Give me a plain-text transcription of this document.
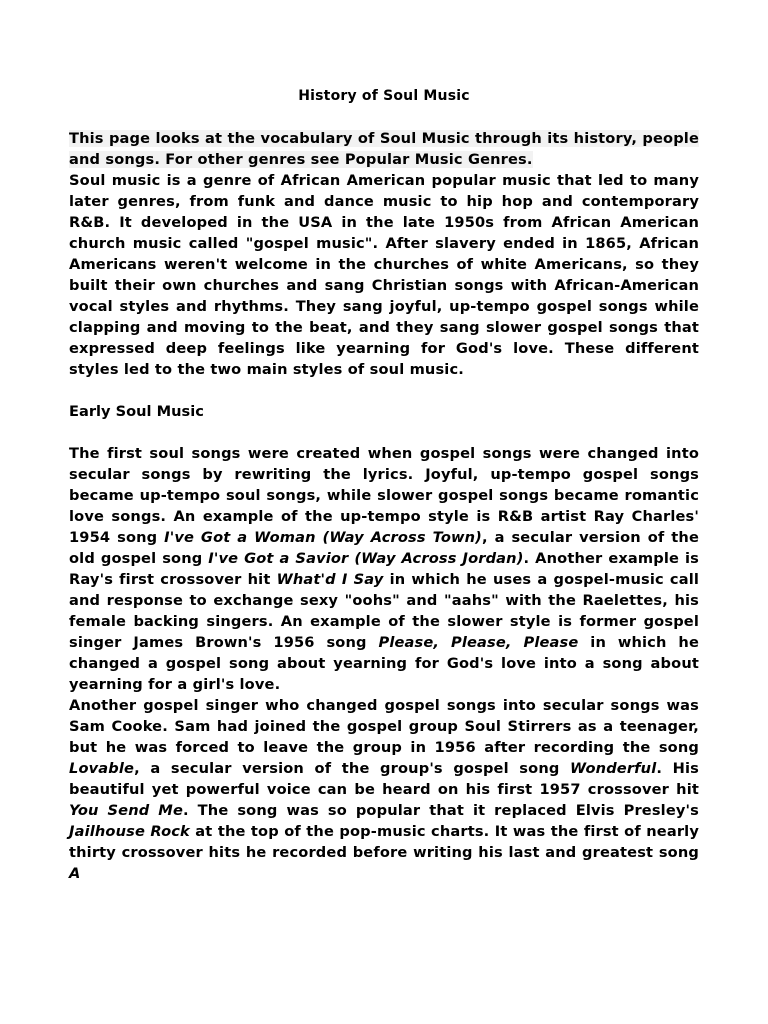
History of Soul Music

This page looks at the vocabulary of Soul Music through its history, people and songs. For other genres see Popular Music Genres.

Soul music is a genre of African American popular music that led to many later genres, from funk and dance music to hip hop and contemporary R&B. It developed in the USA in the late 1950s from African American church music called "gospel music". After slavery ended in 1865, African Americans weren't welcome in the churches of white Americans, so they built their own churches and sang Christian songs with African-American vocal styles and rhythms. They sang joyful, up-tempo gospel songs while clapping and moving to the beat, and they sang slower gospel songs that expressed deep feelings like yearning for God's love. These different styles led to the two main styles of soul music.

Early Soul Music

The first soul songs were created when gospel songs were changed into secular songs by rewriting the lyrics. Joyful, up-tempo gospel songs became up-tempo soul songs, while slower gospel songs became romantic love songs. An example of the up-tempo style is R&B artist Ray Charles' 1954 song I've Got a Woman (Way Across Town), a secular version of the old gospel song I've Got a Savior (Way Across Jordan). Another example is Ray's first crossover hit What'd I Say in which he uses a gospel-music call and response to exchange sexy "oohs" and "aahs" with the Raelettes, his female backing singers. An example of the slower style is former gospel singer James Brown's 1956 song Please, Please, Please in which he changed a gospel song about yearning for God's love into a song about yearning for a girl's love.

Another gospel singer who changed gospel songs into secular songs was Sam Cooke. Sam had joined the gospel group Soul Stirrers as a teenager, but he was forced to leave the group in 1956 after recording the song Lovable, a secular version of the group's gospel song Wonderful. His beautiful yet powerful voice can be heard on his first 1957 crossover hit You Send Me. The song was so popular that it replaced Elvis Presley's Jailhouse Rock at the top of the pop-music charts. It was the first of nearly thirty crossover hits he recorded before writing his last and greatest song A
